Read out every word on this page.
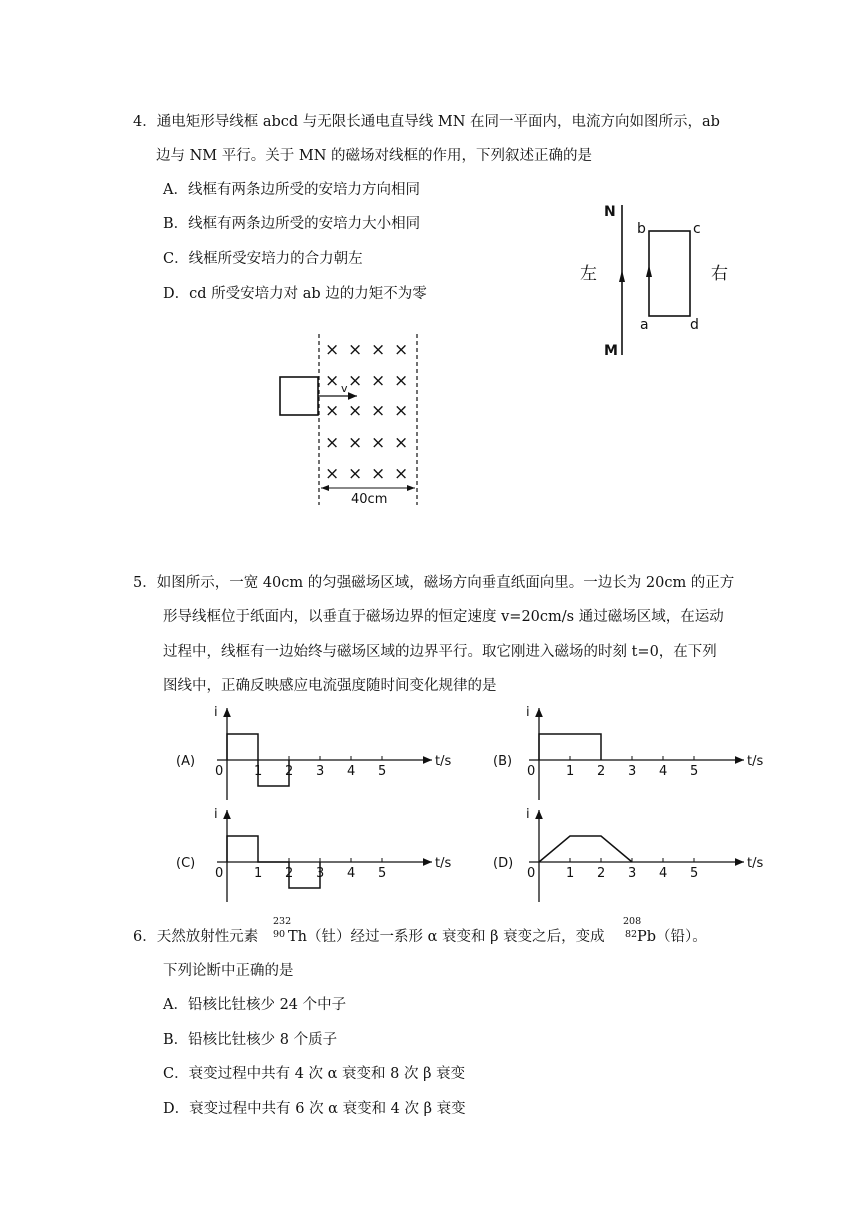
4．通电矩形导线框 abcd 与无限长通电直导线 MN 在同一平面内，电流方向如图所示，ab
边与 NM 平行。关于 MN 的磁场对线框的作用，下列叙述正确的是
A．线框有两条边所受的安培力方向相同
B．线框有两条边所受的安培力大小相同
C．线框所受安培力的合力朝左
D．cd 所受安培力对 ab 边的力矩不为零
5．如图所示，一宽 40cm 的匀强磁场区域，磁场方向垂直纸面向里。一边长为 20cm 的正方
形导线框位于纸面内，以垂直于磁场边界的恒定速度 v=20cm/s 通过磁场区域，在运动
过程中，线框有一边始终与磁场区域的边界平行。取它刚进入磁场的时刻 t=0，在下列
图线中，正确反映感应电流强度随时间变化规律的是
6．天然放射性元素
232
90 Th（钍）经过一系形 α 衰变和 β 衰变之后，变成
208
82 Pb（铅）。
下列论断中正确的是
A．铅核比钍核少 24 个中子
B．铅核比钍核少 8 个质子
C．衰变过程中共有 4 次 α 衰变和 8 次 β 衰变
D．衰变过程中共有 6 次 α 衰变和 4 次 β 衰变
N
M
b	c
a	d
左	右
× × × ×
× × × ×
× × × ×
× × × ×
× × × ×
v
40cm
i
t/s
(A)
0 1 2 3 4 5
i
t/s
(B)
0 1 2 3 4 5
i
t/s
(C)
0 1 2 3 4 5
i
t/s
(D)
0 1 2 3 4 5
